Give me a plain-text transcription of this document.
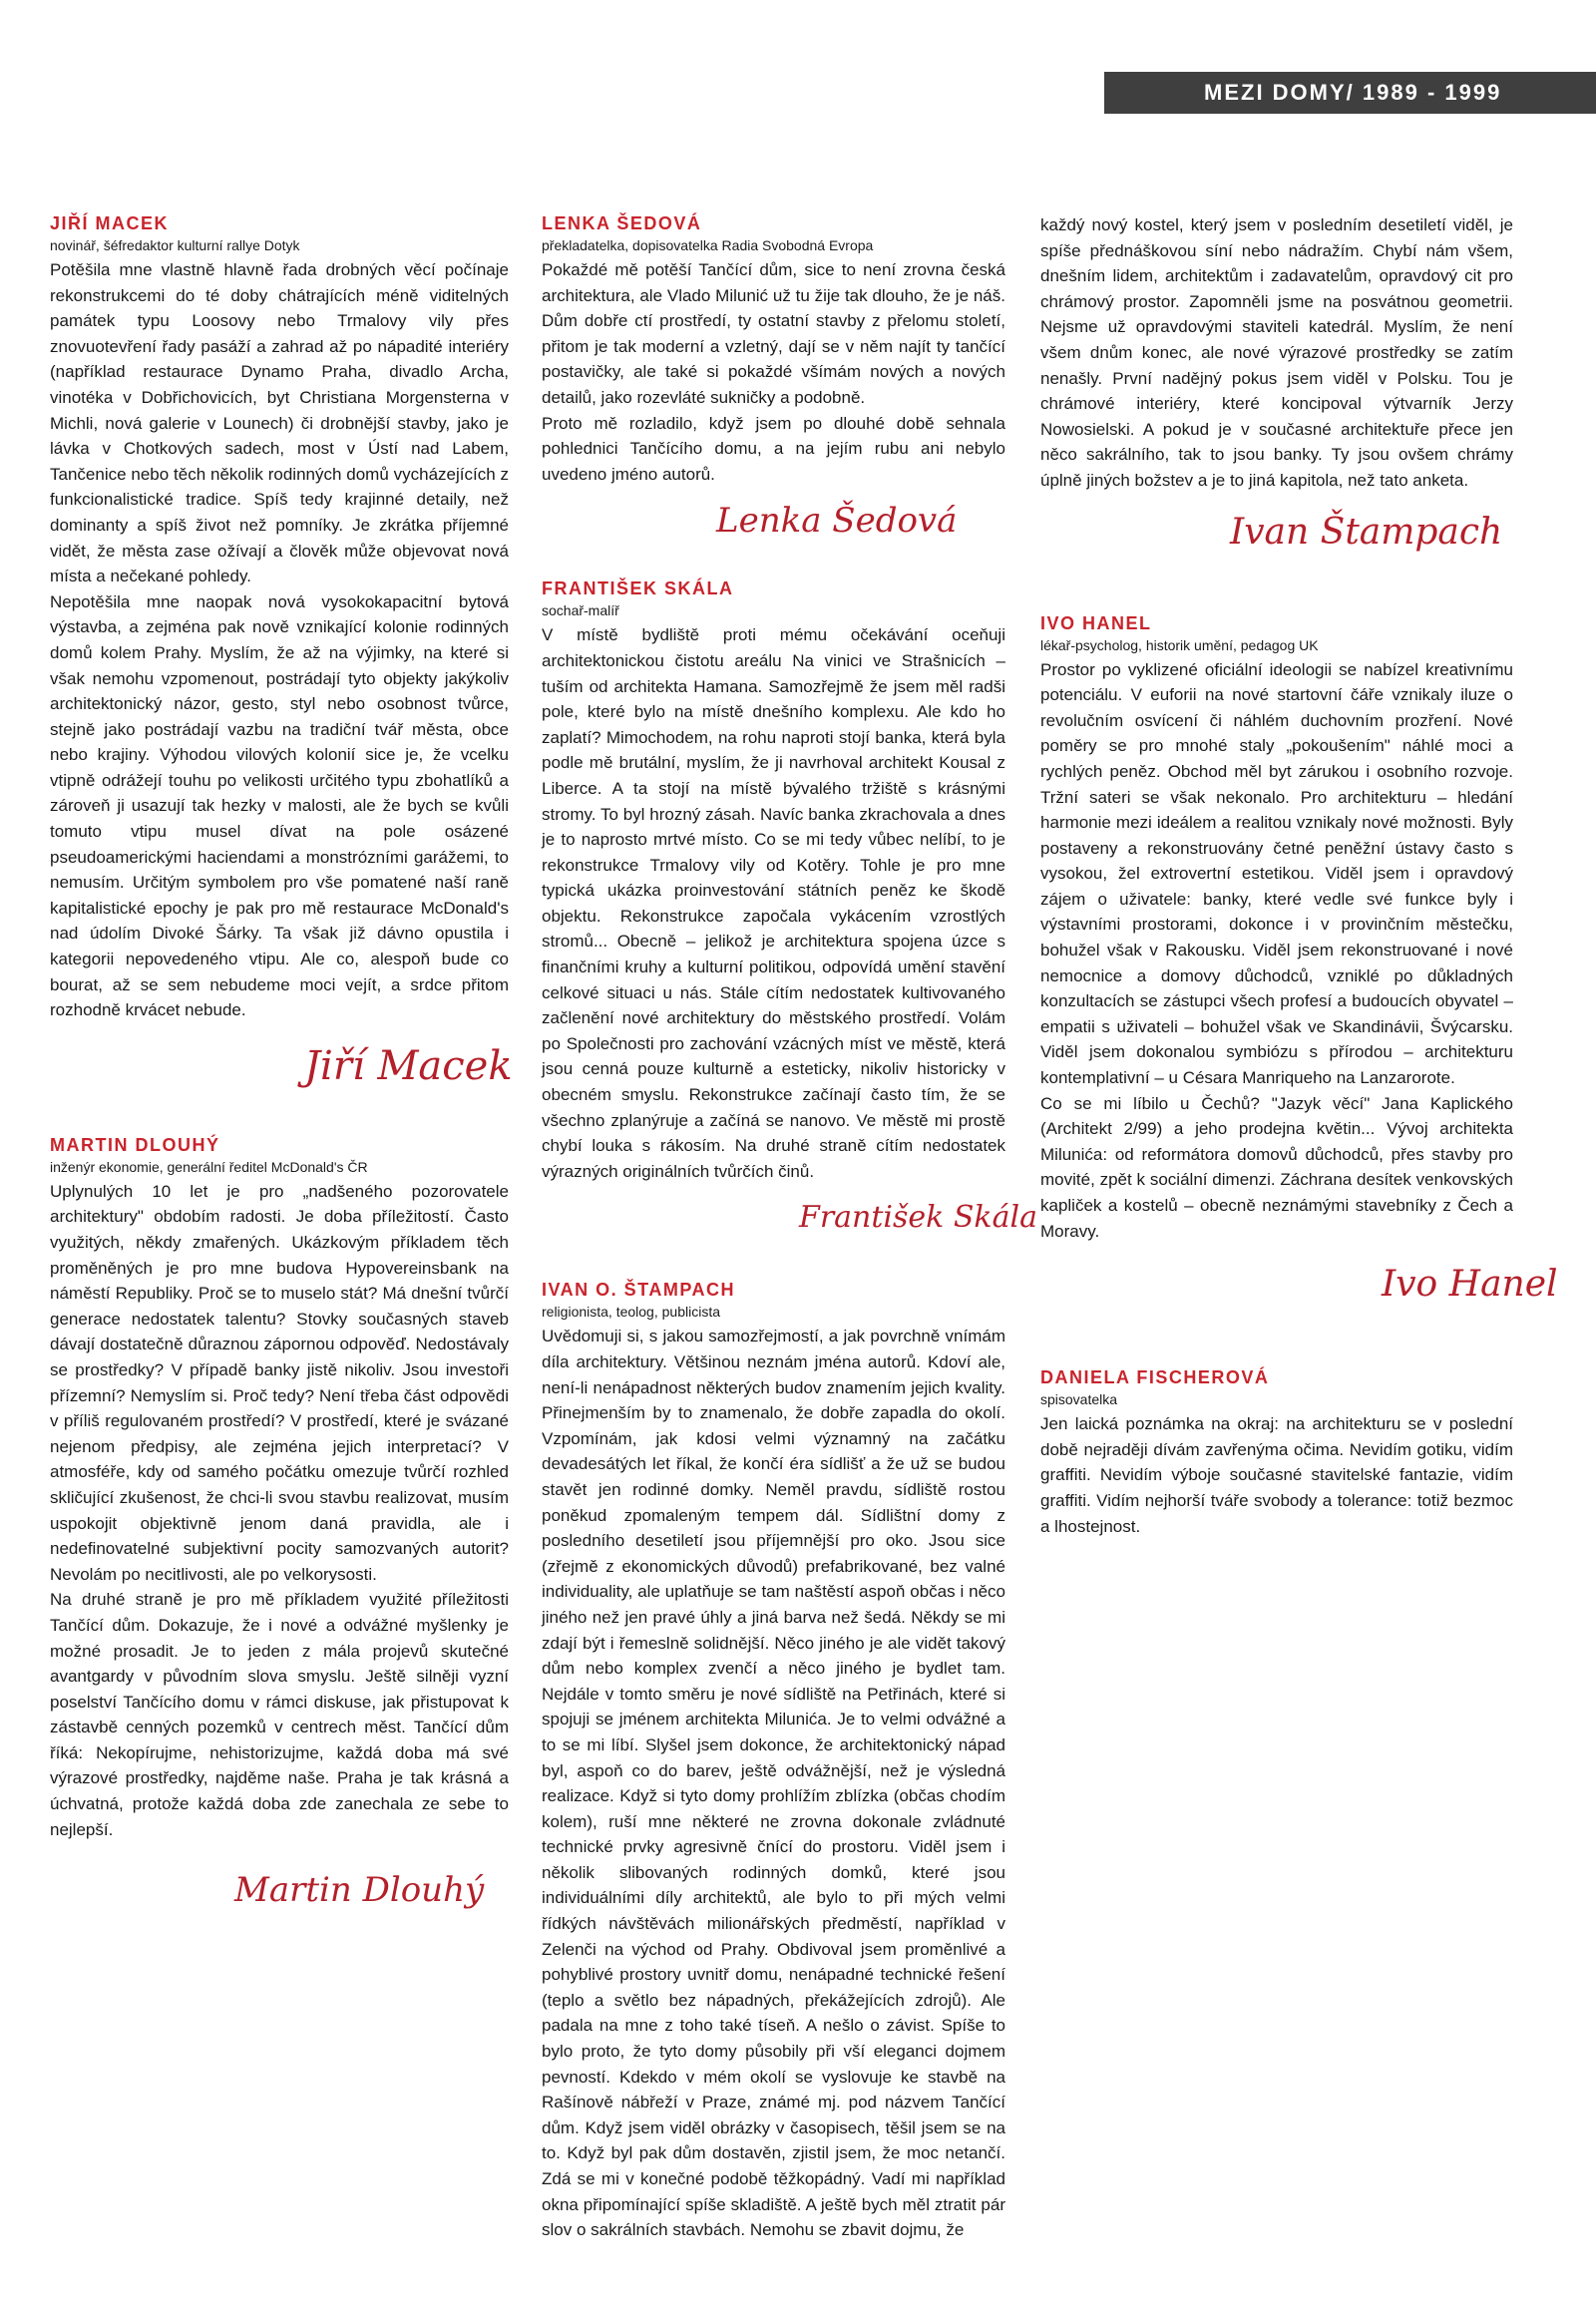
MEZI DOMY/ 1989 - 1999

JIŘÍ MACEK

novinář, šéfredaktor kulturní rallye Dotyk

Potěšila mne vlastně hlavně řada drobných věcí počínaje rekonstrukcemi do té doby chátrajících méně viditelných památek typu Loosovy nebo Trmalovy vily přes znovuotevření řady pasáží a zahrad až po nápadité interiéry (například restaurace Dynamo Praha, divadlo Archa, vinotéka v Dobřichovicích, byt Christiana Morgensterna v Michli, nová galerie v Lounech) či drobnější stavby, jako je lávka v Chotkových sadech, most v Ústí nad Labem, Tančenice nebo těch několik rodinných domů vycházejících z funkcionalistické tradice. Spíš tedy krajinné detaily, než dominanty a spíš život než pomníky. Je zkrátka příjemné vidět, že města zase ožívají a člověk může objevovat nová místa a nečekané pohledy.

Nepotěšila mne naopak nová vysokokapacitní bytová výstavba, a zejména pak nově vznikající kolonie rodinných domů kolem Prahy. Myslím, že až na výjimky, na které si však nemohu vzpomenout, postrádají tyto objekty jakýkoliv architektonický názor, gesto, styl nebo osobnost tvůrce, stejně jako postrádají vazbu na tradiční tvář města, obce nebo krajiny. Výhodou vilových kolonií sice je, že vcelku vtipně odrážejí touhu po velikosti určitého typu zbohatlíků a zároveň ji usazují tak hezky v malosti, ale že bych se kvůli tomuto vtipu musel dívat na pole osázené pseudoamerickými haciendami a monstrózními garážemi, to nemusím. Určitým symbolem pro vše pomatené naší raně kapitalistické epochy je pak pro mě restaurace McDonald's nad údolím Divoké Šárky. Ta však již dávno opustila i kategorii nepovedeného vtipu. Ale co, alespoň bude co bourat, až se sem nebudeme moci vejít, a srdce přitom rozhodně krvácet nebude.

Jiří Macek

MARTIN DLOUHÝ

inženýr ekonomie, generální ředitel McDonald's ČR

Uplynulých 10 let je pro „nadšeného pozorovatele architektury" obdobím radosti. Je doba příležitostí. Často využitých, někdy zmařených. Ukázkovým příkladem těch proměněných je pro mne budova Hypovereinsbank na náměstí Republiky. Proč se to muselo stát? Má dnešní tvůrčí generace nedostatek talentu? Stovky současných staveb dávají dostatečně důraznou zápornou odpověď. Nedostávaly se prostředky? V případě banky jistě nikoliv. Jsou investoři přízemní? Nemyslím si. Proč tedy? Není třeba část odpovědi v příliš regulovaném prostředí? V prostředí, které je svázané nejenom předpisy, ale zejména jejich interpretací? V atmosféře, kdy od samého počátku omezuje tvůrčí rozhled skličující zkušenost, že chci-li svou stavbu realizovat, musím uspokojit objektivně jenom daná pravidla, ale i nedefinovatelné subjektivní pocity samozvaných autorit? Nevolám po necitlivosti, ale po velkorysosti.

Na druhé straně je pro mě příkladem využité příležitosti Tančící dům. Dokazuje, že i nové a odvážné myšlenky je možné prosadit. Je to jeden z mála projevů skutečné avantgardy v původním slova smyslu. Ještě silněji vyzní poselství Tančícího domu v rámci diskuse, jak přistupovat k zástavbě cenných pozemků v centrech měst. Tančící dům říká: Nekopírujme, nehistorizujme, každá doba má své výrazové prostředky, najděme naše. Praha je tak krásná a úchvatná, protože každá doba zde zanechala ze sebe to nejlepší.

Martin Dlouhý

LENKA ŠEDOVÁ

překladatelka, dopisovatelka Radia Svobodná Evropa

Pokaždé mě potěší Tančící dům, sice to není zrovna česká architektura, ale Vlado Milunić už tu žije tak dlouho, že je náš. Dům dobře ctí prostředí, ty ostatní stavby z přelomu století, přitom je tak moderní a vzletný, dají se v něm najít ty tančící postavičky, ale také si pokaždé všímám nových a nových detailů, jako rozevláté sukničky a podobně.

Proto mě rozladilo, když jsem po dlouhé době sehnala pohlednici Tančícího domu, a na jejím rubu ani nebylo uvedeno jméno autorů.

Lenka Šedová

FRANTIŠEK SKÁLA

sochař-malíř

V místě bydliště proti mému očekávání oceňuji architektonickou čistotu areálu Na vinici ve Strašnicích – tuším od architekta Hamana. Samozřejmě že jsem měl radši pole, které bylo na místě dnešního komplexu. Ale kdo ho zaplatí? Mimochodem, na rohu naproti stojí banka, která byla podle mě brutální, myslím, že ji navrhoval architekt Kousal z Liberce. A ta stojí na místě bývalého tržiště s krásnými stromy. To byl hrozný zásah. Navíc banka zkrachovala a dnes je to naprosto mrtvé místo. Co se mi tedy vůbec nelíbí, to je rekonstrukce Trmalovy vily od Kotěry. Tohle je pro mne typická ukázka proinvestování státních peněz ke škodě objektu. Rekonstrukce započala vykácením vzrostlých stromů... Obecně – jelikož je architektura spojena úzce s finančními kruhy a kulturní politikou, odpovídá umění stavění celkové situaci u nás. Stále cítím nedostatek kultivovaného začlenění nové architektury do městského prostředí. Volám po Společnosti pro zachování vzácných míst ve městě, která jsou cenná pouze kulturně a esteticky, nikoliv historicky v obecném smyslu. Rekonstrukce začínají často tím, že se všechno zplanýruje a začíná se nanovo. Ve městě mi prostě chybí louka s rákosím. Na druhé straně cítím nedostatek výrazných originálních tvůrčích činů.

František Skála

IVAN O. ŠTAMPACH

religionista, teolog, publicista

Uvědomuji si, s jakou samozřejmostí, a jak povrchně vnímám díla architektury. Většinou neznám jména autorů. Kdoví ale, není-li nenápadnost některých budov znamením jejich kvality. Přinejmenším by to znamenalo, že dobře zapadla do okolí. Vzpomínám, jak kdosi velmi významný na začátku devadesátých let říkal, že končí éra sídlišť a že už se budou stavět jen rodinné domky. Neměl pravdu, sídliště rostou poněkud zpomaleným tempem dál. Sídlištní domy z posledního desetiletí jsou příjemnější pro oko. Jsou sice (zřejmě z ekonomických důvodů) prefabrikované, bez valné individuality, ale uplatňuje se tam naštěstí aspoň občas i něco jiného než jen pravé úhly a jiná barva než šedá. Někdy se mi zdají být i řemeslně solidnější. Něco jiného je ale vidět takový dům nebo komplex zvenčí a něco jiného je bydlet tam. Nejdále v tomto směru je nové sídliště na Petřinách, které si spojuji se jménem architekta Milunića. Je to velmi odvážné a to se mi líbí. Slyšel jsem dokonce, že architektonický nápad byl, aspoň co do barev, ještě odvážnější, než je výsledná realizace. Když si tyto domy prohlížím zblízka (občas chodím kolem), ruší mne některé ne zrovna dokonale zvládnuté technické prvky agresivně čnící do prostoru. Viděl jsem i několik slibovaných rodinných domků, které jsou individuálními díly architektů, ale bylo to při mých velmi řídkých návštěvách milionářských předměstí, například v Zelenči na východ od Prahy. Obdivoval jsem proměnlivé a pohyblivé prostory uvnitř domu, nenápadné technické řešení (teplo a světlo bez nápadných, překážejících zdrojů). Ale padala na mne z toho také tíseň. A nešlo o závist. Spíše to bylo proto, že tyto domy působily při vší eleganci dojmem pevností. Kdekdo v mém okolí se vyslovuje ke stavbě na Rašínově nábřeží v Praze, známé mj. pod názvem Tančící dům. Když jsem viděl obrázky v časopisech, těšil jsem se na to. Když byl pak dům dostavěn, zjistil jsem, že moc netančí. Zdá se mi v konečné podobě těžkopádný. Vadí mi například okna připomínající spíše skladiště. A ještě bych měl ztratit pár slov o sakrálních stavbách. Nemohu se zbavit dojmu, že

každý nový kostel, který jsem v posledním desetiletí viděl, je spíše přednáškovou síní nebo nádražím. Chybí nám všem, dnešním lidem, architektům i zadavatelům, opravdový cit pro chrámový prostor. Zapomněli jsme na posvátnou geometrii. Nejsme už opravdovými staviteli katedrál. Myslím, že není všem dnům konec, ale nové výrazové prostředky se zatím nenašly. První nadějný pokus jsem viděl v Polsku. Tou je chrámové interiéry, které koncipoval výtvarník Jerzy Nowosielski. A pokud je v současné architektuře přece jen něco sakrálního, tak to jsou banky. Ty jsou ovšem chrámy úplně jiných božstev a je to jiná kapitola, než tato anketa.

Ivan Štampach

IVO HANEL

lékař-psycholog, historik umění, pedagog UK

Prostor po vyklizené oficiální ideologii se nabízel kreativnímu potenciálu. V euforii na nové startovní čáře vznikaly iluze o revolučním osvícení či náhlém duchovním prozření. Nové poměry se pro mnohé staly „pokoušením" náhlé moci a rychlých peněz. Obchod měl byt zárukou i osobního rozvoje. Tržní sateri se však nekonalo. Pro architekturu – hledání harmonie mezi ideálem a realitou vznikaly nové možnosti. Byly postaveny a rekonstruovány četné peněžní ústavy často s vysokou, žel extrovertní estetikou. Viděl jsem i opravdový zájem o uživatele: banky, které vedle své funkce byly i výstavními prostorami, dokonce i v provinčním městečku, bohužel však v Rakousku. Viděl jsem rekonstruované i nové nemocnice a domovy důchodců, vzniklé po důkladných konzultacích se zástupci všech profesí a budoucích obyvatel – empatii s uživateli – bohužel však ve Skandinávii, Švýcarsku. Viděl jsem dokonalou symbiózu s přírodou – architekturu kontemplativní – u Césara Manriqueho na Lanzarorote.

Co se mi líbilo u Čechů? "Jazyk věcí" Jana Kaplického (Architekt 2/99) a jeho prodejna květin... Vývoj architekta Milunića: od reformátora domovů důchodců, přes stavby pro movité, zpět k sociální dimenzi. Záchrana desítek venkovských kapliček a kostelů – obecně neznámými stavebníky z Čech a Moravy.

Ivo Hanel

DANIELA FISCHEROVÁ

spisovatelka

Jen laická poznámka na okraj: na architekturu se v poslední době nejraději dívám zavřenýma očima. Nevidím gotiku, vidím graffiti. Nevidím výboje současné stavitelské fantazie, vidím graffiti. Vidím nejhorší tváře svobody a tolerance: totiž bezmoc a lhostejnost.
